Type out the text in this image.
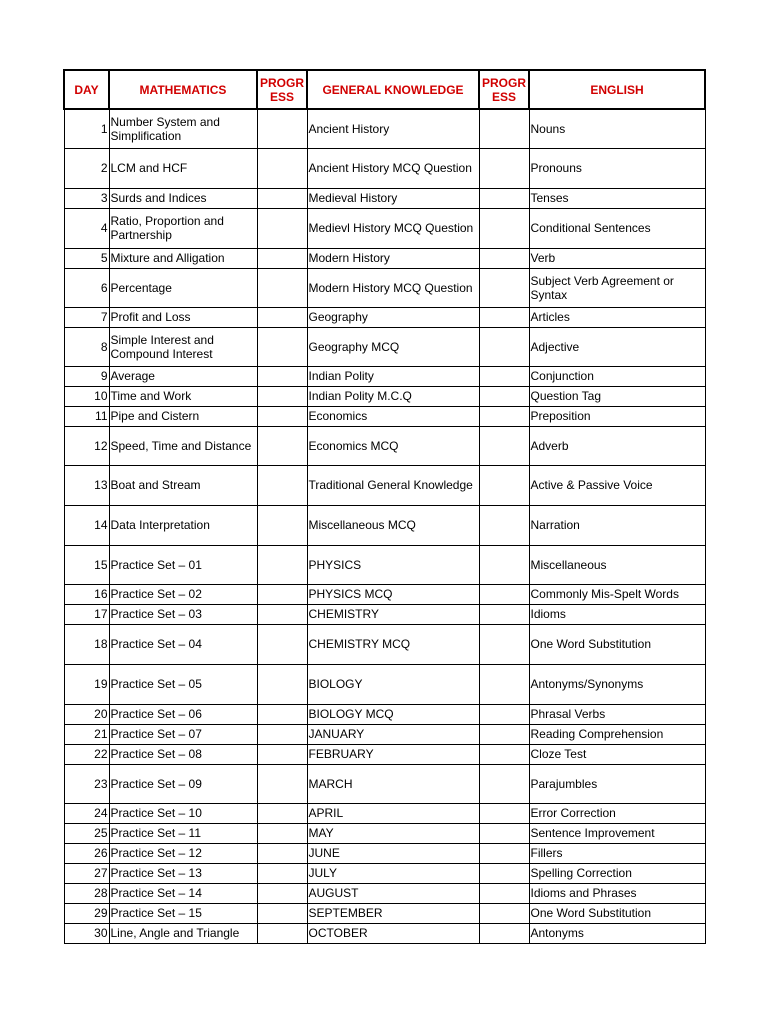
DAY	MATHEMATICS	PROGR ESS	GENERAL KNOWLEDGE	PROGR ESS	ENGLISH
1	Number System and Simplification		Ancient History		Nouns
2	LCM and HCF		Ancient History MCQ Question		Pronouns
3	Surds and Indices		Medieval History		Tenses
4	Ratio, Proportion and Partnership		Medievl History MCQ Question		Conditional Sentences
5	Mixture and Alligation		Modern History		Verb
6	Percentage		Modern History MCQ Question		Subject Verb Agreement or Syntax
7	Profit and Loss		Geography		Articles
8	Simple Interest and Compound Interest		Geography MCQ		Adjective
9	Average		Indian Polity		Conjunction
10	Time and Work		Indian Polity M.C.Q		Question Tag
11	Pipe and Cistern		Economics		Preposition
12	Speed, Time and Distance		Economics MCQ		Adverb
13	Boat and Stream		Traditional General Knowledge		Active & Passive Voice
14	Data Interpretation		Miscellaneous MCQ		Narration
15	Practice Set – 01		PHYSICS		Miscellaneous
16	Practice Set – 02		PHYSICS MCQ		Commonly Mis-Spelt Words
17	Practice Set – 03		CHEMISTRY		Idioms
18	Practice Set – 04		CHEMISTRY MCQ		One Word Substitution
19	Practice Set – 05		BIOLOGY		Antonyms/Synonyms
20	Practice Set – 06		BIOLOGY MCQ		Phrasal Verbs
21	Practice Set – 07		JANUARY		Reading Comprehension
22	Practice Set – 08		FEBRUARY		Cloze Test
23	Practice Set – 09		MARCH		Parajumbles
24	Practice Set – 10		APRIL		Error Correction
25	Practice Set – 11		MAY		Sentence Improvement
26	Practice Set – 12		JUNE		Fillers
27	Practice Set – 13		JULY		Spelling Correction
28	Practice Set – 14		AUGUST		Idioms and Phrases
29	Practice Set – 15		SEPTEMBER		One Word Substitution
30	Line, Angle and Triangle		OCTOBER		Antonyms
